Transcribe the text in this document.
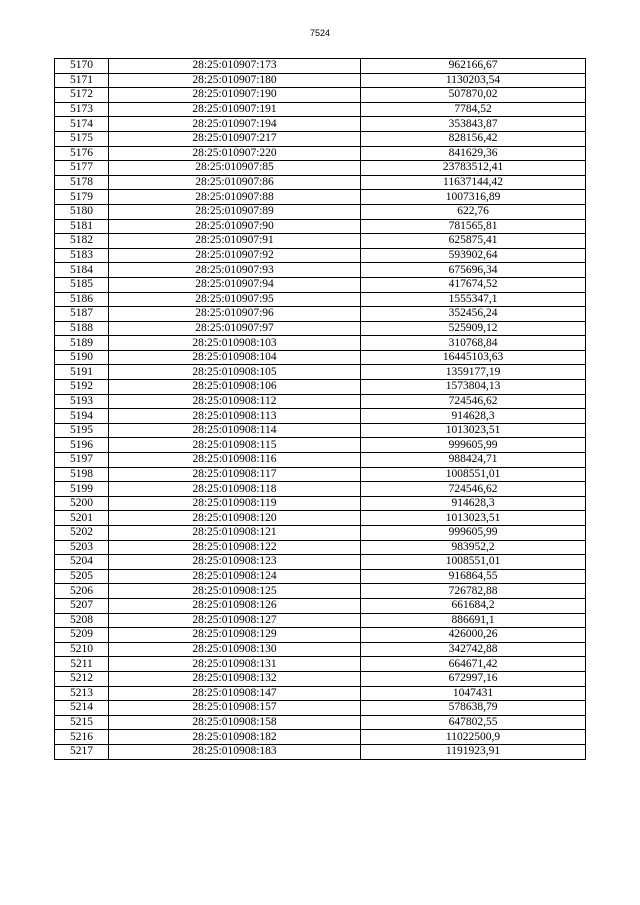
7524
5170	28:25:010907:173	962166,67
5171	28:25:010907:180	1130203,54
5172	28:25:010907:190	507870,02
5173	28:25:010907:191	7784,52
5174	28:25:010907:194	353843,87
5175	28:25:010907:217	828156,42
5176	28:25:010907:220	841629,36
5177	28:25:010907:85	23783512,41
5178	28:25:010907:86	11637144,42
5179	28:25:010907:88	1007316,89
5180	28:25:010907:89	622,76
5181	28:25:010907:90	781565,81
5182	28:25:010907:91	625875,41
5183	28:25:010907:92	593902,64
5184	28:25:010907:93	675696,34
5185	28:25:010907:94	417674,52
5186	28:25:010907:95	1555347,1
5187	28:25:010907:96	352456,24
5188	28:25:010907:97	525909,12
5189	28:25:010908:103	310768,84
5190	28:25:010908:104	16445103,63
5191	28:25:010908:105	1359177,19
5192	28:25:010908:106	1573804,13
5193	28:25:010908:112	724546,62
5194	28:25:010908:113	914628,3
5195	28:25:010908:114	1013023,51
5196	28:25:010908:115	999605,99
5197	28:25:010908:116	988424,71
5198	28:25:010908:117	1008551,01
5199	28:25:010908:118	724546,62
5200	28:25:010908:119	914628,3
5201	28:25:010908:120	1013023,51
5202	28:25:010908:121	999605,99
5203	28:25:010908:122	983952,2
5204	28:25:010908:123	1008551,01
5205	28:25:010908:124	916864,55
5206	28:25:010908:125	726782,88
5207	28:25:010908:126	661684,2
5208	28:25:010908:127	886691,1
5209	28:25:010908:129	426000,26
5210	28:25:010908:130	342742,88
5211	28:25:010908:131	664671,42
5212	28:25:010908:132	672997,16
5213	28:25:010908:147	1047431
5214	28:25:010908:157	578638,79
5215	28:25:010908:158	647802,55
5216	28:25:010908:182	11022500,9
5217	28:25:010908:183	1191923,91
